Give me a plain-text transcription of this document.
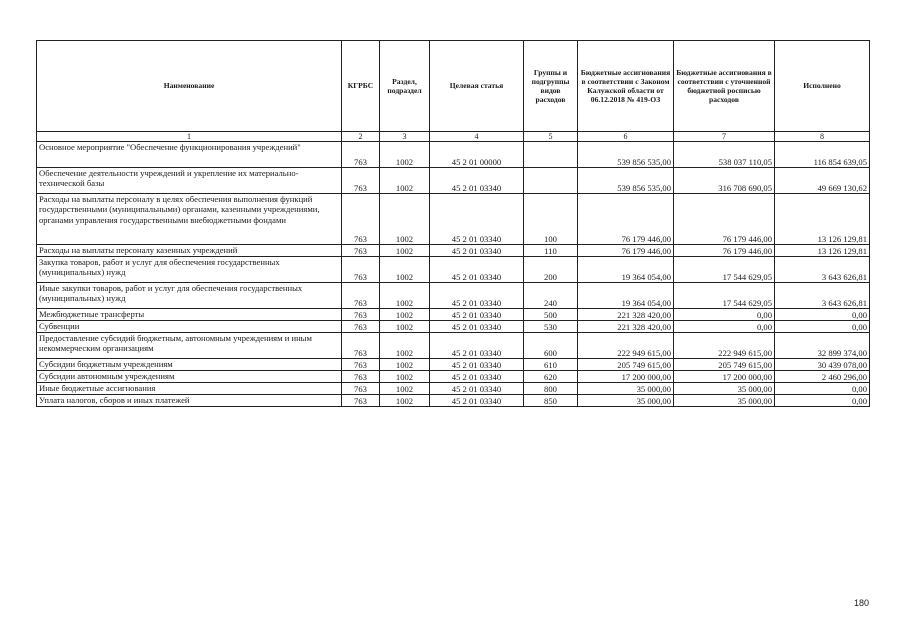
Наименование	КГРБС	Раздел, подраздел	Целевая статья	Группы и подгруппы видов расходов	Бюджетные ассигнования в соответствии с Законом Калужской области от 06.12.2018 № 419-ОЗ	Бюджетные ассигнования в соответствии с уточненной бюджетной росписью расходов	Исполнено
1	2	3	4	5	6	7	8
Основное мероприятие "Обеспечение функционирования учреждений"	763	1002	45 2 01 00000		539 856 535,00	538 037 110,05	116 854 639,05
Обеспечение деятельности учреждений и укрепление их материально-технической базы	763	1002	45 2 01 03340		539 856 535,00	316 708 690,05	49 669 130,62
Расходы на выплаты персоналу в целях обеспечения выполнения функций государственными (муниципальными) органами, казенными учреждениями, органами управления государственными внебюджетными фондами	763	1002	45 2 01 03340	100	76 179 446,00	76 179 446,00	13 126 129,81
Расходы на выплаты персоналу казенных учреждений	763	1002	45 2 01 03340	110	76 179 446,00	76 179 446,00	13 126 129,81
Закупка товаров, работ и услуг для обеспечения государственных (муниципальных) нужд	763	1002	45 2 01 03340	200	19 364 054,00	17 544 629,05	3 643 626,81
Иные закупки товаров, работ и услуг для обеспечения государственных (муниципальных) нужд	763	1002	45 2 01 03340	240	19 364 054,00	17 544 629,05	3 643 626,81
Межбюджетные трансферты	763	1002	45 2 01 03340	500	221 328 420,00	0,00	0,00
Субвенции	763	1002	45 2 01 03340	530	221 328 420,00	0,00	0,00
Предоставление субсидий бюджетным, автономным учреждениям и иным некоммерческим организациям	763	1002	45 2 01 03340	600	222 949 615,00	222 949 615,00	32 899 374,00
Субсидии бюджетным учреждениям	763	1002	45 2 01 03340	610	205 749 615,00	205 749 615,00	30 439 078,00
Субсидии автономным учреждениям	763	1002	45 2 01 03340	620	17 200 000,00	17 200 000,00	2 460 296,00
Иные бюджетные ассигнования	763	1002	45 2 01 03340	800	35 000,00	35 000,00	0,00
Уплата налогов, сборов и иных платежей	763	1002	45 2 01 03340	850	35 000,00	35 000,00	0,00
180
